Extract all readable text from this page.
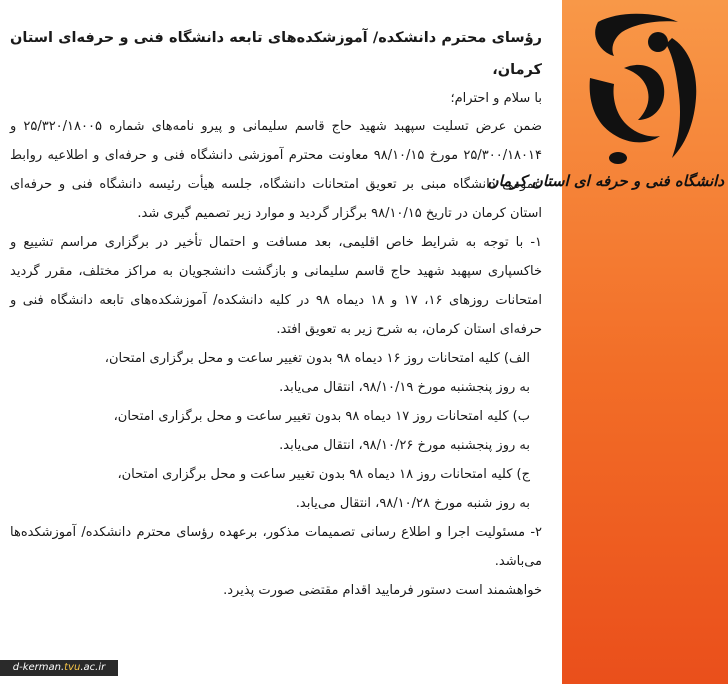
دانشگاه فنی و حرفه ای استان کرمان

رؤسای محترم دانشکده/ آموزشکده‌های تابعه دانشگاه فنی و حرفه‌ای استان کرمان،

با سلام و احترام؛

ضمن عرض تسلیت سپهبد شهید حاج قاسم سلیمانی و پیرو نامه‌های شماره ۲۵/۳۲۰/۱۸۰۰۵ و ۲۵/۳۰۰/۱۸۰۱۴ مورخ ۹۸/۱۰/۱۵ معاونت محترم آموزشی دانشگاه فنی و حرفه‌ای و اطلاعیه روابط عمومی دانشگاه مبنی بر تعویق امتحانات دانشگاه، جلسه هیأت رئیسه دانشگاه فنی و حرفه‌ای استان کرمان در تاریخ ۹۸/۱۰/۱۵ برگزار گردید و موارد زیر تصمیم گیری شد.

۱- با توجه به شرایط خاص اقلیمی، بعد مسافت و احتمال تأخیر در برگزاری مراسم تشییع و خاکسپاری سپهبد شهید حاج قاسم سلیمانی و بازگشت دانشجویان به مراکز مختلف، مقرر گردید امتحانات روزهای ۱۶، ۱۷ و ۱۸ دیماه ۹۸ در کلیه دانشکده/ آموزشکده‌های تابعه دانشگاه فنی و حرفه‌ای استان کرمان، به شرح زیر به تعویق افتد.

الف) کلیه امتحانات روز ۱۶ دیماه ۹۸ بدون تغییر ساعت و محل برگزاری امتحان،

به روز پنجشنبه مورخ ۹۸/۱۰/۱۹، انتقال می‌یابد.

ب) کلیه امتحانات روز ۱۷ دیماه ۹۸ بدون تغییر ساعت و محل برگزاری امتحان،

به روز پنجشنبه مورخ ۹۸/۱۰/۲۶، انتقال می‌یابد.

ج) کلیه امتحانات روز ۱۸ دیماه ۹۸ بدون تغییر ساعت و محل برگزاری امتحان،

به روز شنبه مورخ ۹۸/۱۰/۲۸، انتقال می‌یابد.

۲- مسئولیت اجرا و اطلاع رسانی تصمیمات مذکور، برعهده رؤسای محترم دانشکده/ آموزشکده‌ها می‌باشد.

خواهشمند است دستور فرمایید اقدام مقتضی صورت پذیرد.

d-kerman.tvu.ac.ir
